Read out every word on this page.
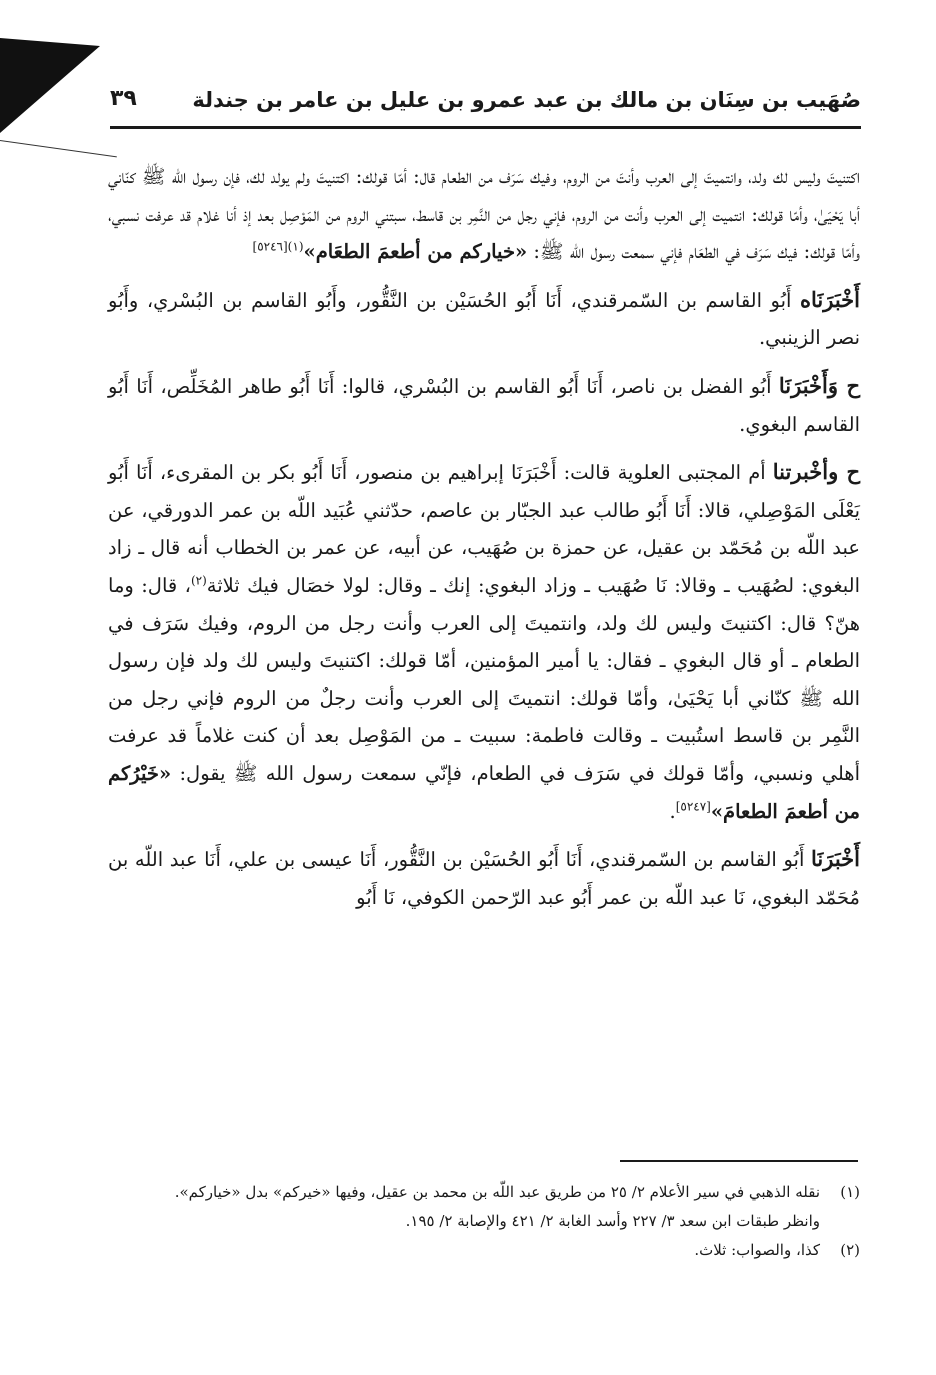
صُهَيب بن سِنَان بن مالك بن عبد عمرو بن عليل بن عامر بن جندلة
٣٩

اكتنيتَ وليس لك ولد، وانتميتَ إلى العرب وأنتَ من الروم، وفيك سَرَف من الطعام قال: أمّا قولك: اكتنيتَ ولم يولد لك، فإن رسول الله ﷺ كنّاني أبا يَحْيَىٰ، وأمّا قولك: انتميت إلى العرب وأنت من الروم، فإني رجل من النَّمِر بن قاسط، سبتني الروم من المَوْصِل بعد إذ أنا غلام قد عرفت نسبي، وأمّا قولك: فيك سَرَف في الطعَام فإني سمعت رسول الله ﷺ: «خياركم من أطعمَ الطعَام»$^{(١)[٥٢٤٦]}$

أَخْبَرَنَاه أَبُو القاسم بن السّمرقندي، أَنَا أَبُو الحُسَيْن بن النَّقُّور، وأَبُو القاسم بن البُسْري، وأَبُو نصر الزينبي.

ح وَأَخْبَرَنَا أَبُو الفضل بن ناصر، أَنَا أَبُو القاسم بن البُسْري، قالوا: أَنَا أَبُو طاهر المُخَلِّص، أَنَا أَبُو القاسم البغوي.

ح وأخْبرتنا أم المجتبى العلوية قالت: أَخْبَرَنَا إبراهيم بن منصور، أَنَا أَبُو بكر بن المقرىء، أَنَا أَبُو يَعْلَى المَوْصِلي، قالا: أَنَا أَبُو طالب عبد الجبّار بن عاصم، حدّثني عُبَيد اللّه بن عمر الدورقي، عن عبد اللّه بن مُحَمّد بن عقيل، عن حمزة بن صُهَيب، عن أبيه، عن عمر بن الخطاب أنه قال ـ زاد البغوي: لصُهَيب ـ وقالا: نَا صُهَيب ـ وزاد البغوي: إنك ـ وقال: لولا خصَال فيك ثلاثة$^{(٢)}$، قال: وما هنّ؟ قال: اكتنيتَ وليس لك ولد، وانتميتَ إلى العرب وأنت رجل من الروم، وفيك سَرَف في الطعام ـ أو قال البغوي ـ فقال: يا أمير المؤمنين، أمّا قولك: اكتنيتَ وليس لك ولد فإن رسول الله ﷺ كنّاني أبا يَحْيَىٰ، وأمّا قولك: انتميتَ إلى العرب وأنت رجلٌ من الروم فإني رجل من النَّمِر بن قاسط استُبيت ـ وقالت فاطمة: سبيت ـ من المَوْصِل بعد أن كنت غلاماً قد عرفت أهلي ونسبي، وأمّا قولك في سَرَف في الطعام، فإنّي سمعت رسول الله ﷺ يقول: «خَيْرُكم من أطعمَ الطعامَ»[٥٢٤٧].

أَخْبَرَنَا أَبُو القاسم بن السّمرقندي، أَنَا أَبُو الحُسَيْن بن النَّقُّور، أَنَا عيسى بن علي، أَنَا عبد اللّه بن مُحَمّد البغوي، نَا عبد اللّه بن عمر أَبُو عبد الرّحمن الكوفي، نَا أَبُو

(١)
نقله الذهبي في سير الأعلام ٢/ ٢٥ من طريق عبد اللّه بن محمد بن عقيل، وفيها «خيركم» بدل «خياركم».

وانظر طبقات ابن سعد ٣/ ٢٢٧ وأسد الغابة ٢/ ٤٢١ والإصابة ٢/ ١٩٥.

(٢)
كذا، والصواب: ثلاث.
